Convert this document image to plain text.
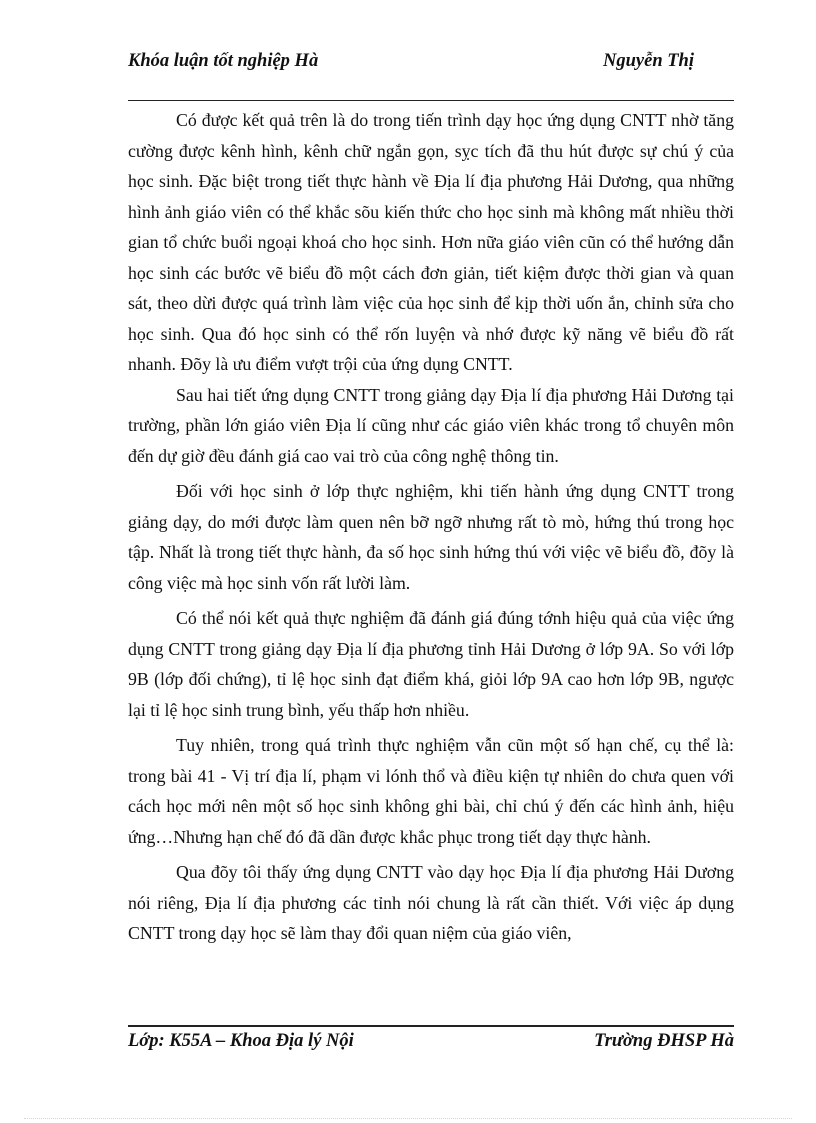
Khóa luận tốt nghiệp Hà	Nguyễn Thị

Có được kết quả trên là do trong tiến trình dạy học ứng dụng CNTT nhờ tăng cường được kênh hình, kênh chữ ngắn gọn, sỵc tích đã thu hút được sự chú ý của học sinh. Đặc biệt trong tiết thực hành về Địa lí địa phương Hải Dương, qua những hình ảnh giáo viên có thể khắc sõu kiến thức cho học sinh mà không mất nhiều thời gian tổ chức buổi ngoại khoá cho học sinh. Hơn nữa giáo viên cũn có thể hướng dẫn học sinh các bước vẽ biểu đồ một cách đơn giản, tiết kiệm được thời gian và quan sát, theo dừi được quá trình làm việc của học sinh để kịp thời uốn ắn, chỉnh sửa cho học sinh. Qua đó học sinh có thể rốn luyện và nhớ được kỹ năng vẽ biểu đồ rất nhanh. Đõy là ưu điểm vượt trội của ứng dụng CNTT.

Sau hai tiết ứng dụng CNTT trong giảng dạy Địa lí địa phương Hải Dương tại trường, phần lớn giáo viên Địa lí cũng như các giáo viên khác trong tổ chuyên môn đến dự giờ đều đánh giá cao vai trò của công nghệ thông tin.

Đối với học sinh ở lớp thực nghiệm, khi tiến hành ứng dụng CNTT trong giảng dạy, do mới được làm quen nên bỡ ngỡ nhưng rất tò mò, hứng thú trong học tập. Nhất là trong tiết thực hành, đa số học sinh hứng thú với việc vẽ biểu đồ, đõy là công việc mà học sinh vốn rất lười làm.

Có thể nói kết quả thực nghiệm đã đánh giá đúng tớnh hiệu quả của việc ứng dụng CNTT trong giảng dạy Địa lí địa phương tỉnh Hải Dương ở lớp 9A. So với lớp 9B (lớp đối chứng), tỉ lệ học sinh đạt điểm khá, giỏi lớp 9A cao hơn lớp 9B, ngược lại tỉ lệ học sinh trung bình, yếu thấp hơn nhiều.

Tuy nhiên, trong quá trình thực nghiệm vẫn cũn một số hạn chế, cụ thể là: trong bài 41 - Vị trí địa lí, phạm vi lónh thổ và điều kiện tự nhiên do chưa quen với cách học mới nên một số học sinh không ghi bài, chỉ chú ý đến các hình ảnh, hiệu ứng…Nhưng hạn chế đó đã dần được khắc phục trong tiết dạy thực hành.

Qua đõy tôi thấy ứng dụng CNTT vào dạy học Địa lí địa phương Hải Dương nói riêng, Địa lí địa phương các tỉnh nói chung là rất cần thiết. Với việc áp dụng CNTT trong dạy học sẽ làm thay đổi quan niệm của giáo viên,

Lớp: K55A – Khoa Địa lý Nội	Trường ĐHSP Hà
